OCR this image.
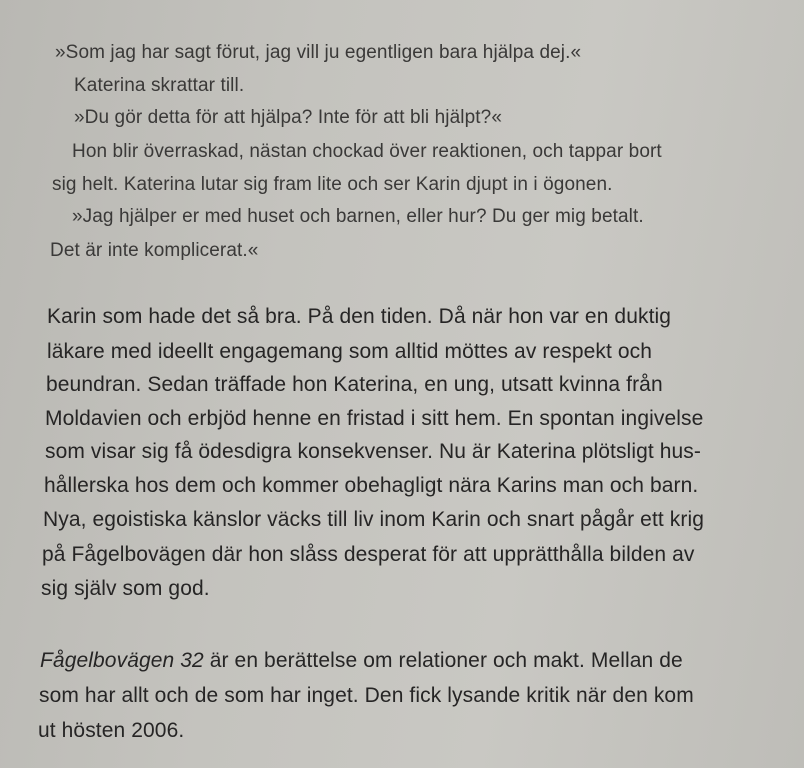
»Som jag har sagt förut, jag vill ju egentligen bara hjälpa dej.«
Katerina skrattar till.
»Du gör detta för att hjälpa? Inte för att bli hjälpt?«
Hon blir överraskad, nästan chockad över reaktionen, och tappar bort
sig helt. Katerina lutar sig fram lite och ser Karin djupt in i ögonen.
»Jag hjälper er med huset och barnen, eller hur? Du ger mig betalt.
Det är inte komplicerat.«
Karin som hade det så bra. På den tiden. Då när hon var en duktig
läkare med ideellt engagemang som alltid möttes av respekt och
beundran. Sedan träffade hon Katerina, en ung, utsatt kvinna från
Moldavien och erbjöd henne en fristad i sitt hem. En spontan ingivelse
som visar sig få ödesdigra konsekvenser. Nu är Katerina plötsligt hus-
hållerska hos dem och kommer obehagligt nära Karins man och barn.
Nya, egoistiska känslor väcks till liv inom Karin och snart pågår ett krig
på Fågelbovägen där hon slåss desperat för att upprätthålla bilden av
sig själv som god.
Fågelbovägen 32 är en berättelse om relationer och makt. Mellan de
som har allt och de som har inget. Den fick lysande kritik när den kom
ut hösten 2006.
